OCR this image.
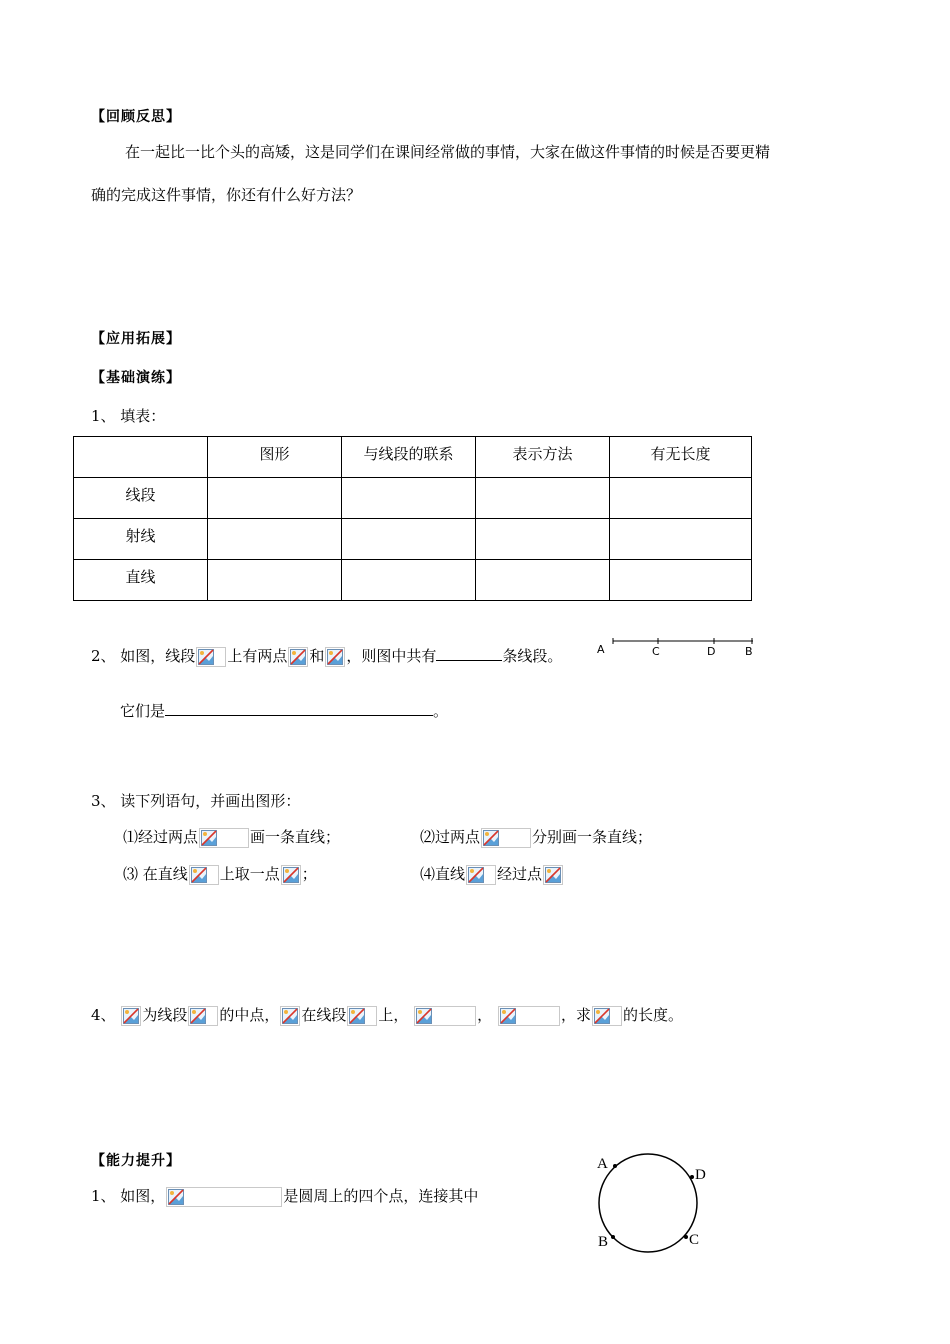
【回顾反思】
在一起比一比个头的高矮，这是同学们在课间经常做的事情，大家在做这件事情的时候是否要更精
确的完成这件事情，你还有什么好方法？
【应用拓展】
【基础演练】
1、 填表：
	图形	与线段的联系	表示方法	有无长度
线段				
射线				
直线				
2、 如图，线段 上有两点 和 ，则图中共有	条线段。	A	C	D	B
它们是	。
3、 读下列语句，并画出图形：
⑴经过两点	画一条直线；	⑵过两点	分别画一条直线；
⑶ 在直线 上取一点 ；	⑷直线 经过点
4、 为线段 的中点， 在线段 上，	，	，求 的长度。
【能力提升】
1、 如图，	是圆周上的四个点，连接其中
A
D
B	C
